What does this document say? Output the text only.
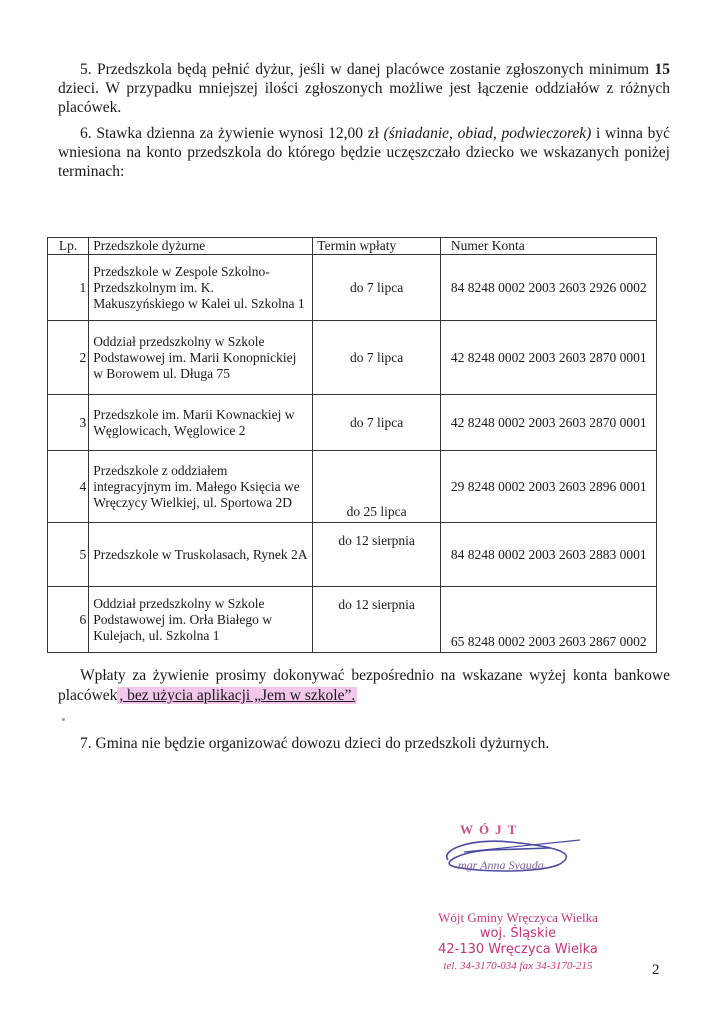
5. Przedszkola będą pełnić dyżur, jeśli w danej placówce zostanie zgłoszonych minimum 15 dzieci. W przypadku mniejszej ilości zgłoszonych możliwe jest łączenie oddziałów z różnych placówek.
6. Stawka dzienna za żywienie wynosi 12,00 zł (śniadanie, obiad, podwieczorek) i winna być wniesiona na konto przedszkola do którego będzie uczęszczało dziecko we wskazanych poniżej terminach:
Lp.	Przedszkole dyżurne	Termin wpłaty	Numer Konta
1	Przedszkole w Zespole Szkolno-Przedszkolnym im. K. Makuszyńskiego w Kalei ul. Szkolna 1	do 7 lipca	84 8248 0002 2003 2603 2926 0002
2	Oddział przedszkolny w Szkole Podstawowej im. Marii Konopnickiej w Borowem ul. Długa 75	do 7 lipca	42 8248 0002 2003 2603 2870 0001
3	Przedszkole im. Marii Kownackiej w Węglowicach, Węglowice 2	do 7 lipca	42 8248 0002 2003 2603 2870 0001
4	Przedszkole z oddziałem integracyjnym im. Małego Księcia we Wręczycy Wielkiej, ul. Sportowa 2D	do 25 lipca	29 8248 0002 2003 2603 2896 0001
5	Przedszkole w Truskolasach, Rynek 2A	do 12 sierpnia	84 8248 0002 2003 2603 2883 0001
6	Oddział przedszkolny w Szkole Podstawowej im. Orła Białego w Kulejach, ul. Szkolna 1	do 12 sierpnia	65 8248 0002 2003 2603 2867 0002
Wpłaty za żywienie prosimy dokonywać bezpośrednio na wskazane wyżej konta bankowe placówek , bez użycia aplikacji „Jem w szkole”.
7. Gmina nie będzie organizować dowozu dzieci do przedszkoli dyżurnych.
WÓJT
mgr Anna Syguda
Wójt Gminy Wręczyca Wielka
woj. Śląskie
42-130 Wręczyca Wielka
tel. 34-3170-034 fax 34-3170-215	2
